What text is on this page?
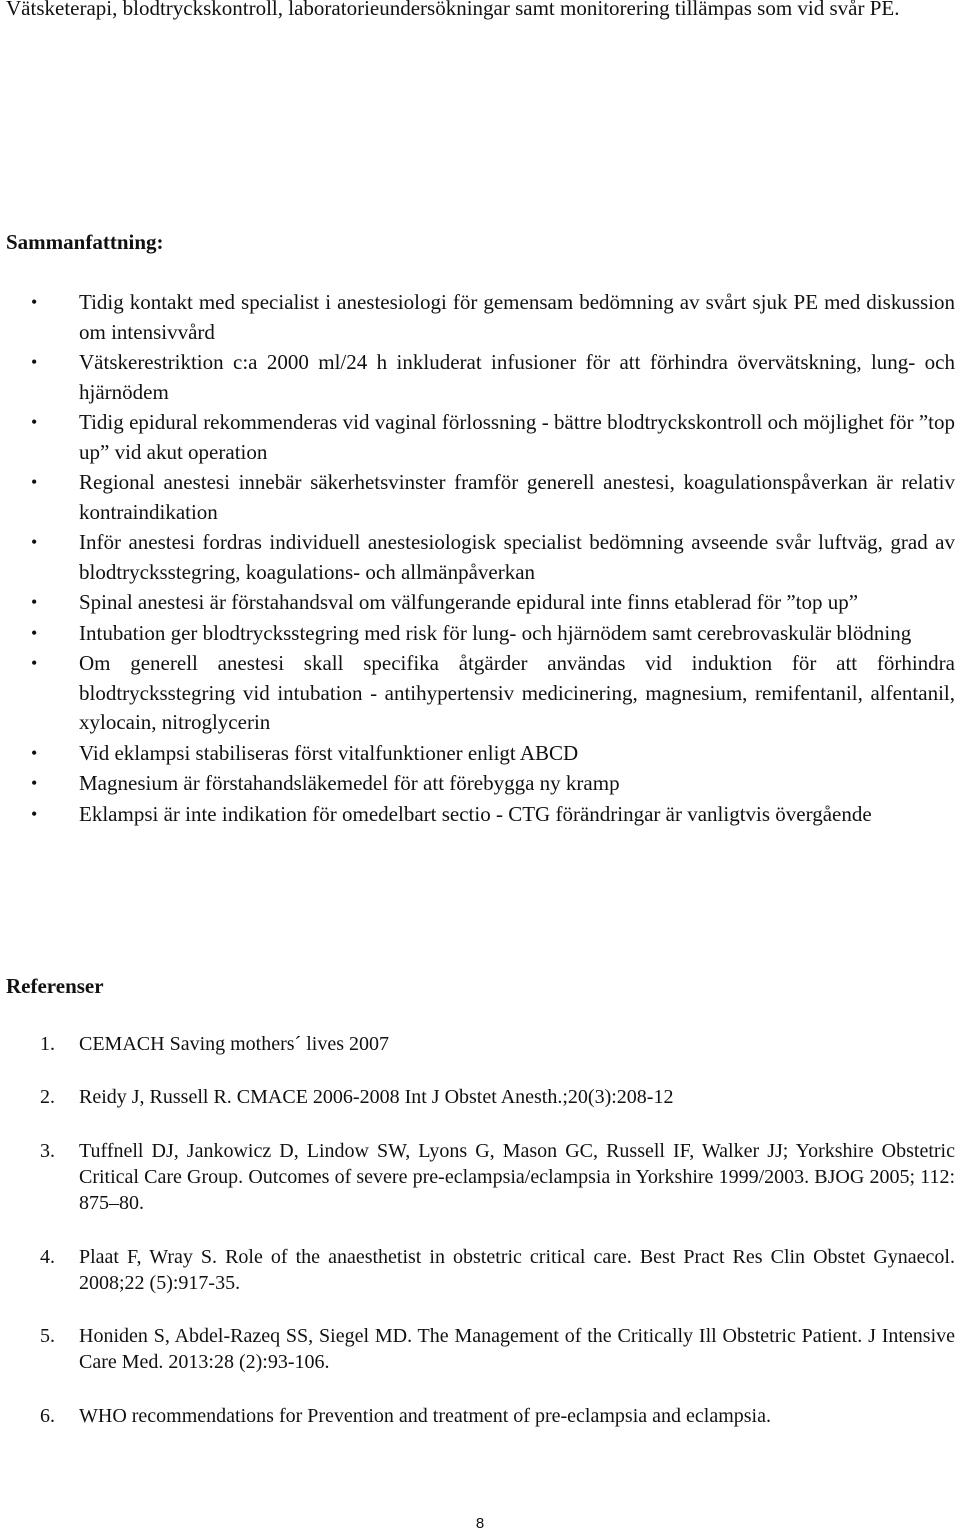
Vätsketerapi, blodtryckskontroll, laboratorieundersökningar samt monitorering tillämpas som vid svår PE.

Sammanfattning:
•	Tidig kontakt med specialist i anestesiologi för gemensam bedömning av svårt sjuk PE med diskussion om intensivvård
•	Vätskerestriktion c:a 2000 ml/24 h inkluderat infusioner för att förhindra övervätskning, lung- och hjärnödem
•	Tidig epidural rekommenderas vid vaginal förlossning - bättre blodtryckskontroll och möjlighet för ”top up” vid akut operation
•	Regional anestesi innebär säkerhetsvinster framför generell anestesi, koagulationspåverkan är relativ kontraindikation
•	Inför anestesi fordras individuell anestesiologisk specialist bedömning avseende svår luftväg, grad av blodtrycksstegring, koagulations- och allmänpåverkan
•	Spinal anestesi är förstahandsval om välfungerande epidural inte finns etablerad för ”top up”
•	Intubation ger blodtrycksstegring med risk för lung- och hjärnödem samt cerebrovaskulär blödning
•	Om generell anestesi skall specifika åtgärder användas vid induktion för att förhindra blodtrycksstegring vid intubation - antihypertensiv medicinering, magnesium, remifentanil, alfentanil, xylocain, nitroglycerin
•	Vid eklampsi stabiliseras först vitalfunktioner enligt ABCD
•	Magnesium är förstahandsläkemedel för att förebygga ny kramp
•	Eklampsi är inte indikation för omedelbart sectio - CTG förändringar är vanligtvis övergående
Referenser
1. CEMACH Saving mothers´ lives 2007
2. Reidy J, Russell R. CMACE 2006-2008 Int J Obstet Anesth.;20(3):208-12
3. Tuffnell DJ, Jankowicz D, Lindow SW, Lyons G, Mason GC, Russell IF, Walker JJ; Yorkshire Obstetric Critical Care Group. Outcomes of severe pre-eclampsia/eclampsia in Yorkshire 1999/2003. BJOG 2005; 112: 875–80.
4. Plaat F, Wray S. Role of the anaesthetist in obstetric critical care. Best Pract Res Clin Obstet Gynaecol. 2008;22 (5):917-35.
5. Honiden S, Abdel-Razeq SS, Siegel MD. The Management of the Critically Ill Obstetric Patient. J Intensive Care Med. 2013:28 (2):93-106.
6. WHO recommendations for Prevention and treatment of pre-eclampsia and eclampsia.
8
